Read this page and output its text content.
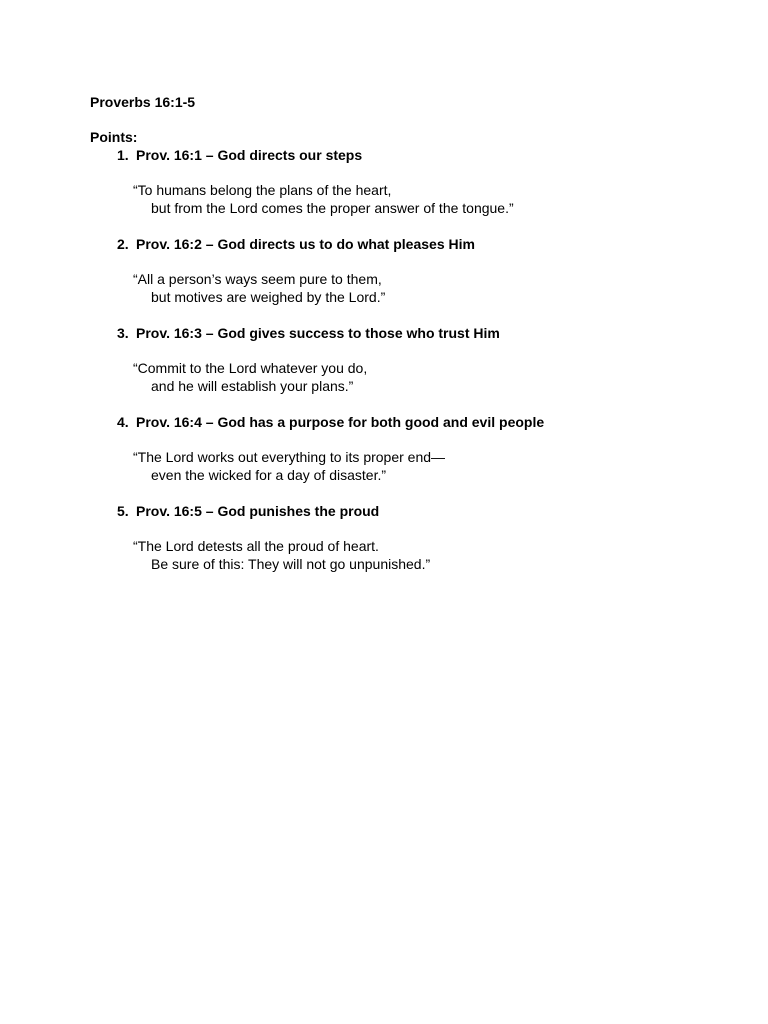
Proverbs 16:1-5

Points:

1. Prov. 16:1 – God directs our steps
“To humans belong the plans of the heart,
but from the Lord comes the proper answer of the tongue.”
2. Prov. 16:2 – God directs us to do what pleases Him
“All a person’s ways seem pure to them,
but motives are weighed by the Lord.”
3. Prov. 16:3 – God gives success to those who trust Him
“Commit to the Lord whatever you do,
and he will establish your plans.”
4. Prov. 16:4 – God has a purpose for both good and evil people
“The Lord works out everything to its proper end—
even the wicked for a day of disaster.”
5. Prov. 16:5 – God punishes the proud
“The Lord detests all the proud of heart.
Be sure of this: They will not go unpunished.”
